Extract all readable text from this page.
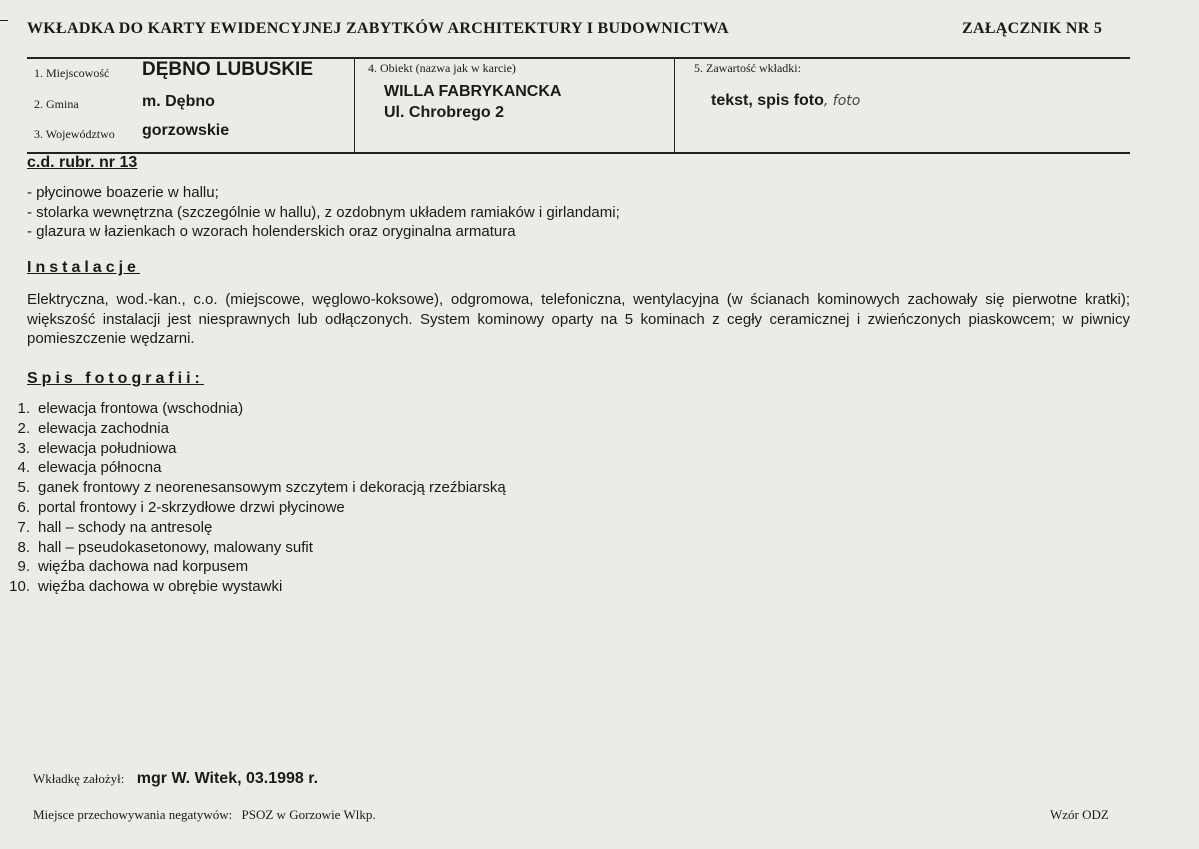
WKŁADKA DO KARTY EWIDENCYJNEJ ZABYTKÓW ARCHITEKTURY I BUDOWNICTWA	ZAŁĄCZNIK NR 5
1. Miejscowość DĘBNO LUBUSKIE
2. Gmina	m. Dębno
3. Województwo gorzowskie
4. Obiekt (nazwa jak w karcie)
WILLA FABRYKANCKA
Ul. Chrobrego 2
5. Zawartość wkładki:
tekst, spis foto, foto
c.d. rubr. nr 13
- płycinowe boazerie w hallu;
- stolarka wewnętrzna (szczególnie w hallu), z ozdobnym układem ramiaków i girlandami;
- glazura w łazienkach o wzorach holenderskich oraz oryginalna armatura
Instalacje
Elektryczna, wod.-kan., c.o. (miejscowe, węglowo-koksowe), odgromowa, telefoniczna, wentylacyjna (w ścianach kominowych zachowały się pierwotne kratki); większość instalacji jest niesprawnych lub odłączonych. System kominowy oparty na 5 kominach z cegły ceramicznej i zwieńczonych piaskowcem; w piwnicy pomieszczenie wędzarni.
Spis fotografii:
1. elewacja frontowa (wschodnia)
2. elewacja zachodnia
3. elewacja południowa
4. elewacja północna
5. ganek frontowy z neorenesansowym szczytem i dekoracją rzeźbiarską
6. portal frontowy i 2-skrzydłowe drzwi płycinowe
7. hall – schody na antresolę
8. hall – pseudokasetonowy, malowany sufit
9. więźba dachowa nad korpusem
10. więźba dachowa w obrębie wystawki
Wkładkę założył: mgr W. Witek, 03.1998 r.
Miejsce przechowywania negatywów: PSOZ w Gorzowie Wlkp.	Wzór ODZ
